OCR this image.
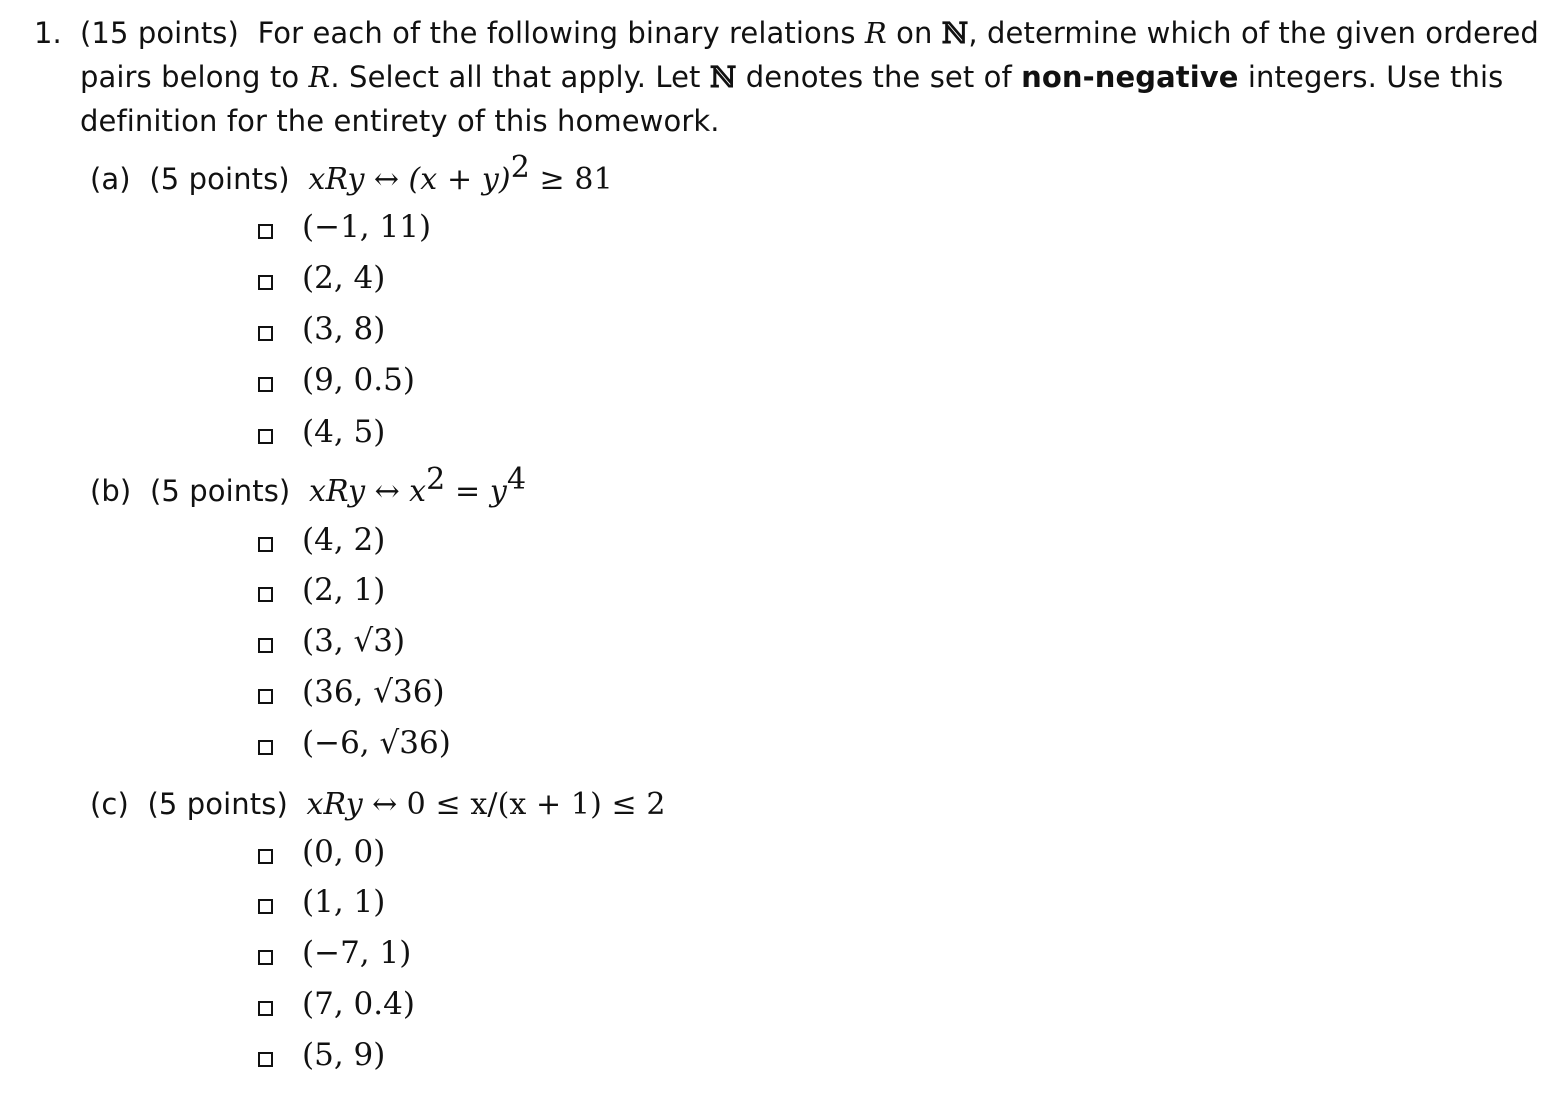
1. (15 points) For each of the following binary relations R on ℕ, determine which of the given ordered
pairs belong to R. Select all that apply. Let ℕ denotes the set of non-negative integers. Use this
definition for the entirety of this homework.
(a) (5 points) xRy ↔ $(x + y)^2 \ge 81$
(−1, 11)
(2, 4)
(3, 8)
(9, 0.5)
(4, 5)
(b) (5 points) xRy ↔ $x^2 = y^4$
(4, 2)
(2, 1)
(3, √3)
(36, √36)
(−6, √36)
(c) (5 points) xRy ↔ 0 ≤ x/(x + 1) ≤ 2
(0, 0)
(1, 1)
(−7, 1)
(7, 0.4)
(5, 9)
